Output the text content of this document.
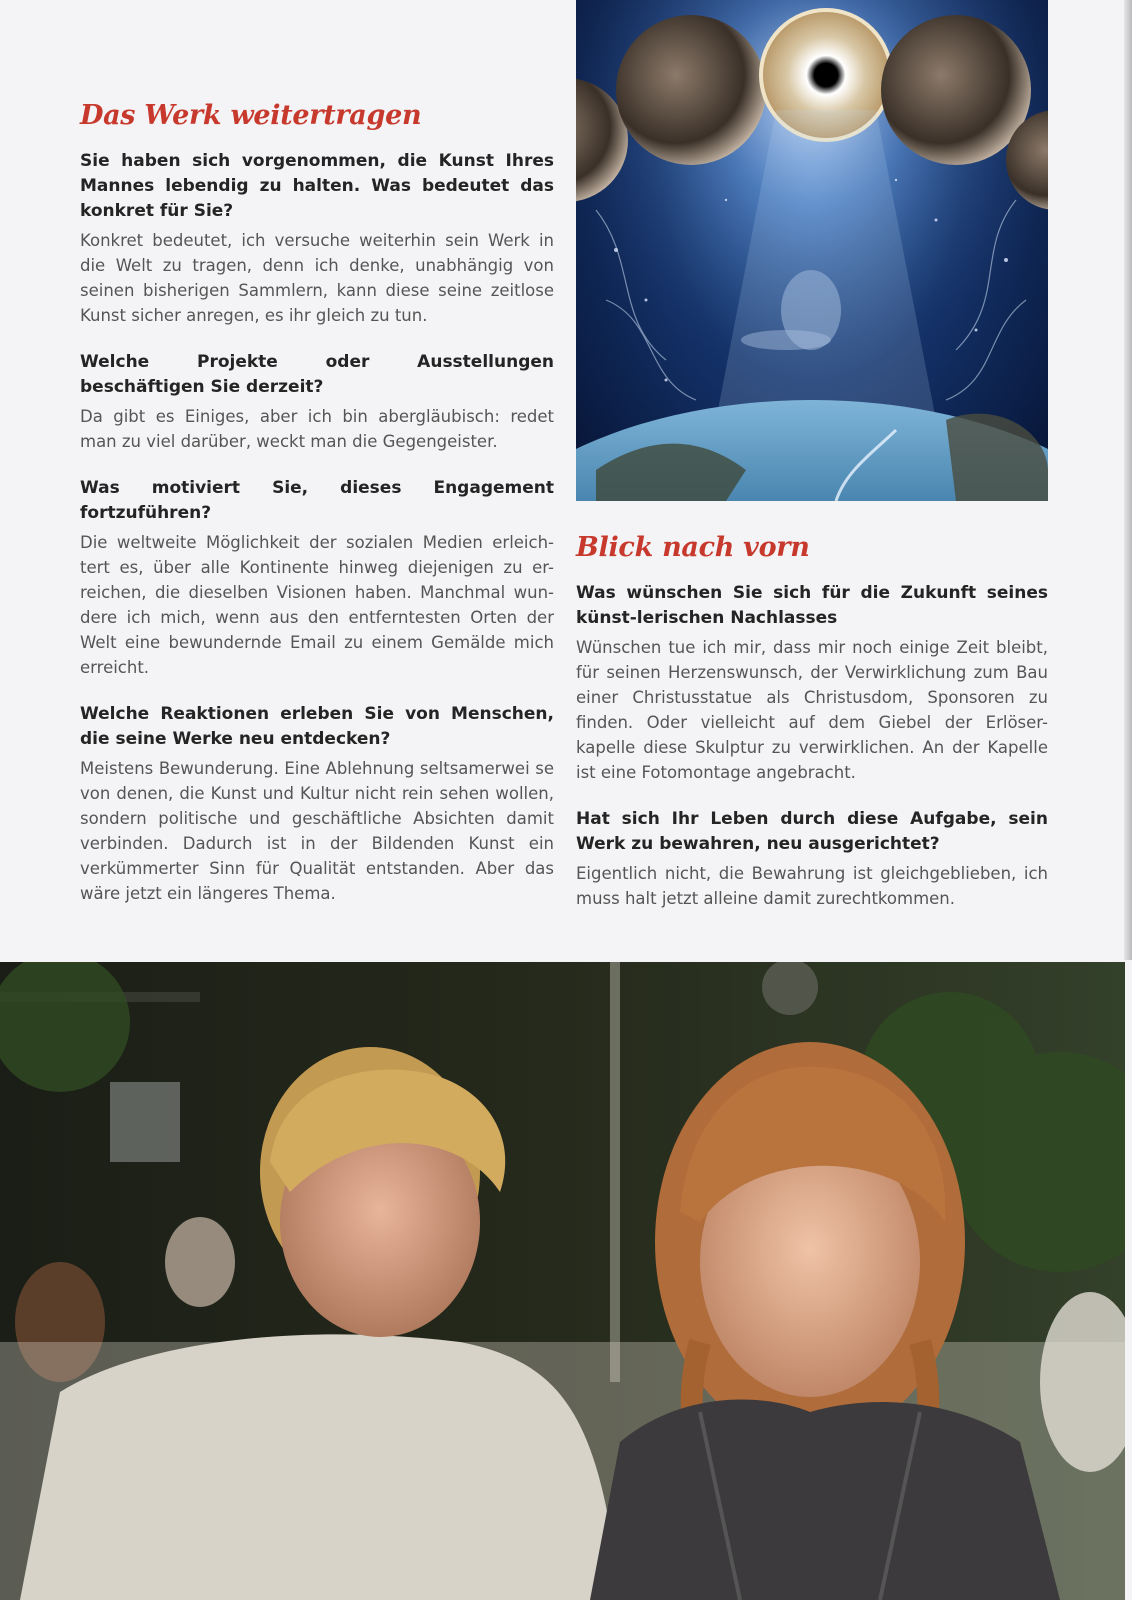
Das Werk weitertragen

Sie haben sich vorgenommen, die Kunst Ihres Mannes lebendig zu halten. Was bedeutet das konkret für Sie?

Konkret bedeutet, ich versuche weiterhin sein Werk in die Welt zu tragen, denn ich denke, unabhängig von seinen bisherigen Sammlern, kann diese seine zeitlose Kunst sicher anregen, es ihr gleich zu tun.

Welche Projekte oder Ausstellungen beschäftigen Sie derzeit?

Da gibt es Einiges, aber ich bin abergläubisch: redet man zu viel darüber, weckt man die Gegengeister.

Was motiviert Sie, dieses Engagement fortzuführen?

Die weltweite Möglichkeit der sozialen Medien erleich-tert es, über alle Kontinente hinweg diejenigen zu er-reichen, die dieselben Visionen haben. Manchmal wun-dere ich mich, wenn aus den entferntesten Orten der Welt eine bewundernde Email zu einem Gemälde mich erreicht.

Welche Reaktionen erleben Sie von Menschen, die seine Werke neu entdecken?

Meistens Bewunderung. Eine Ablehnung seltsamerwei se von denen, die Kunst und Kultur nicht rein sehen wollen, sondern politische und geschäftliche Absichten damit verbinden. Dadurch ist in der Bildenden Kunst ein verkümmerter Sinn für Qualität entstanden. Aber das wäre jetzt ein längeres Thema.

Blick nach vorn

Was wünschen Sie sich für die Zukunft seines künst-lerischen Nachlasses

Wünschen tue ich mir, dass mir noch einige Zeit bleibt, für seinen Herzenswunsch, der Verwirklichung zum Bau einer Christusstatue als Christusdom, Sponsoren zu finden. Oder vielleicht auf dem Giebel der Erlöser-kapelle diese Skulptur zu verwirklichen. An der Kapelle ist eine Fotomontage angebracht.

Hat sich Ihr Leben durch diese Aufgabe, sein Werk zu bewahren, neu ausgerichtet?

Eigentlich nicht, die Bewahrung ist gleichgeblieben, ich muss halt jetzt alleine damit zurechtkommen.
